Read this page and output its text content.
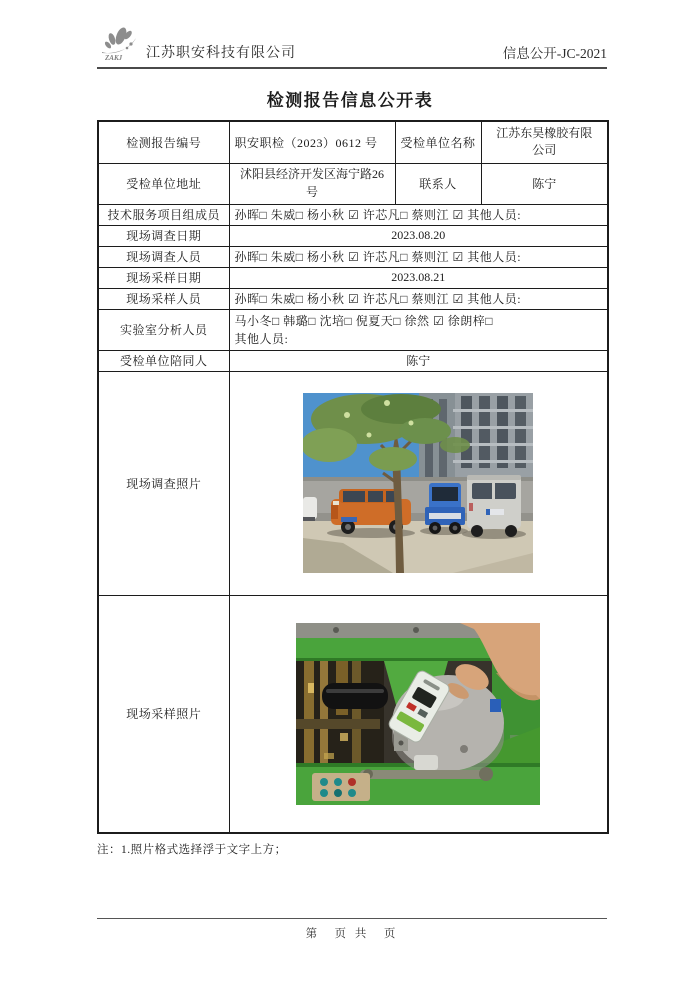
ZAKJ 江苏职安科技有限公司	信息公开-JC-2021
检测报告信息公开表
检测报告编号	职安职检（2023）0612 号	受检单位名称	江苏东昊橡胶有限公司

受检单位地址	沭阳县经济开发区海宁路26 号	联系人	陈宁
技术服务项目组成员	孙晖□ 朱威□ 杨小秋 ☑ 许芯凡□ 蔡则江 ☑ 其他人员:		
现场调查日期	2023.08.20		
现场调查人员	孙晖□ 朱威□ 杨小秋 ☑ 许芯凡□ 蔡则江 ☑ 其他人员:		
现场采样日期	2023.08.21		
现场采样人员	孙晖□ 朱威□ 杨小秋 ☑ 许芯凡□ 蔡则江 ☑ 其他人员:		
实验室分析人员	马小冬□ 韩璐□ 沈培□ 倪夏天□ 徐然 ☑ 徐朗梓□
其他人员:		

受检单位陪同人	陈宁		
现场调查照片	
现场采样照片	
注：1.照片格式选择浮于文字上方；
第　页 共　页
